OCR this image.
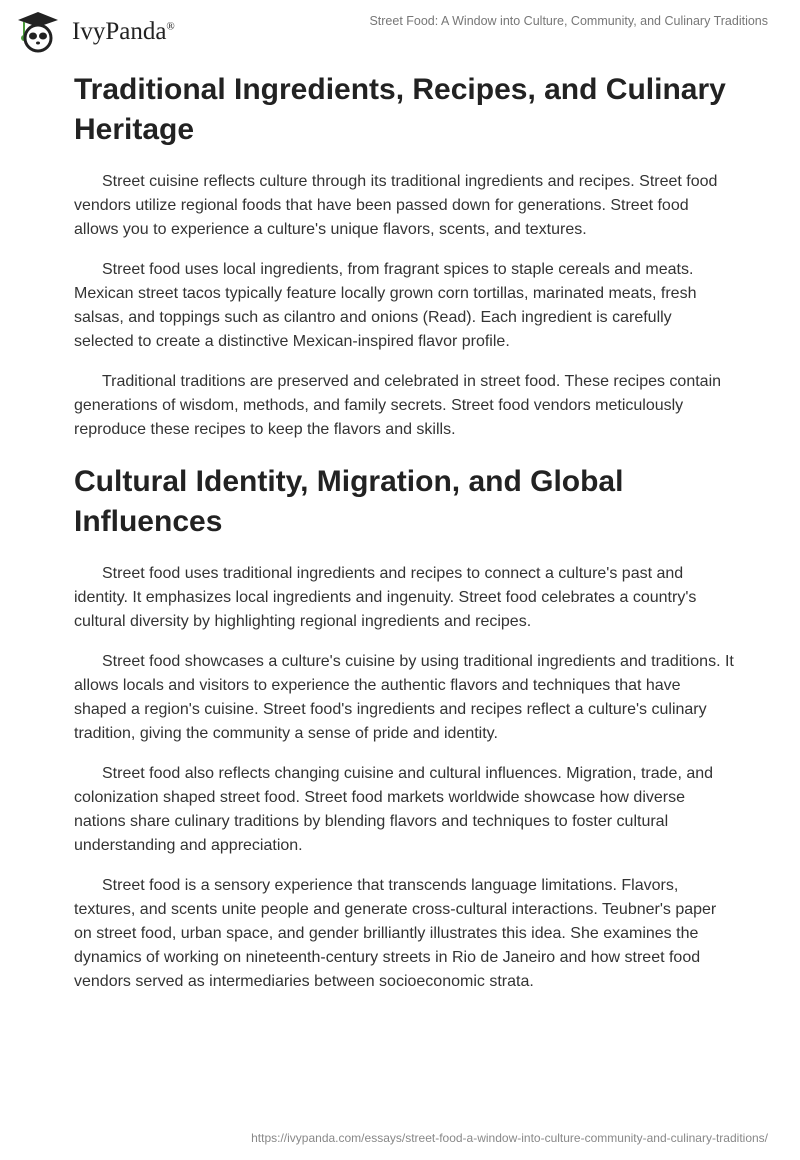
IvyPanda®	Street Food: A Window into Culture, Community, and Culinary Traditions
Traditional Ingredients, Recipes, and Culinary Heritage

Street cuisine reflects culture through its traditional ingredients and recipes. Street food vendors utilize regional foods that have been passed down for generations. Street food allows you to experience a culture's unique flavors, scents, and textures.

Street food uses local ingredients, from fragrant spices to staple cereals and meats. Mexican street tacos typically feature locally grown corn tortillas, marinated meats, fresh salsas, and toppings such as cilantro and onions (Read). Each ingredient is carefully selected to create a distinctive Mexican-inspired flavor profile.

Traditional traditions are preserved and celebrated in street food. These recipes contain generations of wisdom, methods, and family secrets. Street food vendors meticulously reproduce these recipes to keep the flavors and skills.

Cultural Identity, Migration, and Global Influences

Street food uses traditional ingredients and recipes to connect a culture's past and identity. It emphasizes local ingredients and ingenuity. Street food celebrates a country's cultural diversity by highlighting regional ingredients and recipes.

Street food showcases a culture's cuisine by using traditional ingredients and traditions. It allows locals and visitors to experience the authentic flavors and techniques that have shaped a region's cuisine. Street food's ingredients and recipes reflect a culture's culinary tradition, giving the community a sense of pride and identity.

Street food also reflects changing cuisine and cultural influences. Migration, trade, and colonization shaped street food. Street food markets worldwide showcase how diverse nations share culinary traditions by blending flavors and techniques to foster cultural understanding and appreciation.

Street food is a sensory experience that transcends language limitations. Flavors, textures, and scents unite people and generate cross-cultural interactions. Teubner's paper on street food, urban space, and gender brilliantly illustrates this idea. She examines the dynamics of working on nineteenth-century streets in Rio de Janeiro and how street food vendors served as intermediaries between socioeconomic strata.

https://ivypanda.com/essays/street-food-a-window-into-culture-community-and-culinary-traditions/
